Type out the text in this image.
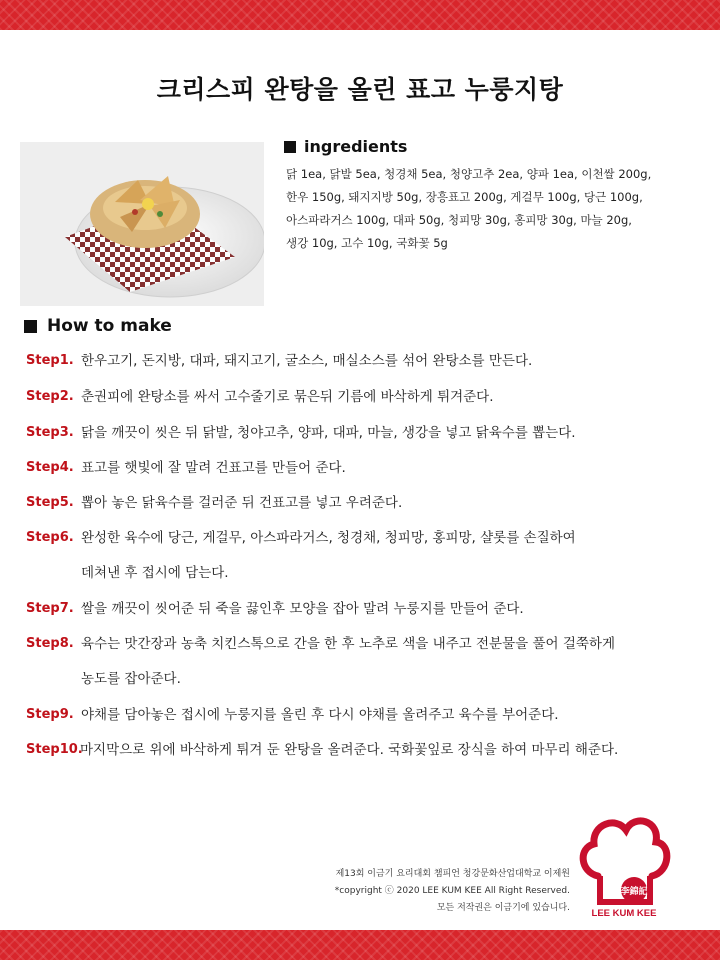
크리스피 완탕을 올린 표고 누룽지탕
ingredients
닭 1ea, 닭발 5ea, 청경채 5ea, 청양고추 2ea, 양파 1ea, 이천쌀 200g,
한우 150g, 돼지지방 50g, 장흥표고 200g, 게걸무 100g, 당근 100g,
아스파라거스 100g, 대파 50g, 청피망 30g, 홍피망 30g, 마늘 20g,
생강 10g, 고수 10g, 국화꽃 5g
How to make
Step1. 한우고기, 돈지방, 대파, 돼지고기, 굴소스, 매실소스를 섞어 완탕소를 만든다.
Step2. 춘권피에 완탕소를 싸서 고수줄기로 묶은뒤 기름에 바삭하게 튀겨준다.
Step3. 닭을 깨끗이 씻은 뒤 닭발, 청야고추, 양파, 대파, 마늘, 생강을 넣고 닭육수를 뽑는다.
Step4. 표고를 햇빛에 잘 말려 건표고를 만들어 준다.
Step5. 뽑아 놓은 닭육수를 걸러준 뒤 건표고를 넣고 우려준다.
Step6. 완성한 육수에 당근, 게걸무, 아스파라거스, 청경채, 청피망, 홍피망, 샬롯를 손질하여
데쳐낸 후 접시에 담는다.
Step7. 쌀을 깨끗이 씻어준 뒤 죽을 끓인후 모양을 잡아 말려 누룽지를 만들어 준다.
Step8. 육수는 맛간장과 농축 치킨스톡으로 간을 한 후 노추로 색을 내주고 전분물을 풀어 걸쭉하게
농도를 잡아준다.
Step9. 야채를 담아놓은 접시에 누룽지를 올린 후 다시 야채를 올려주고 육수를 부어준다.
Step10.
마지막으로 위에 바삭하게 튀겨 둔 완탕을 올려준다. 국화꽃잎로 장식을 하여 마무리 해준다.
제13회 이금기 요리대회 챔피언 청강문화산업대학교 이제원
*copyright ⓒ 2020 LEE KUM KEE All Right Reserved.
모든 저작권은 이금기에 있습니다.
李錦記
LEE KUM KEE
